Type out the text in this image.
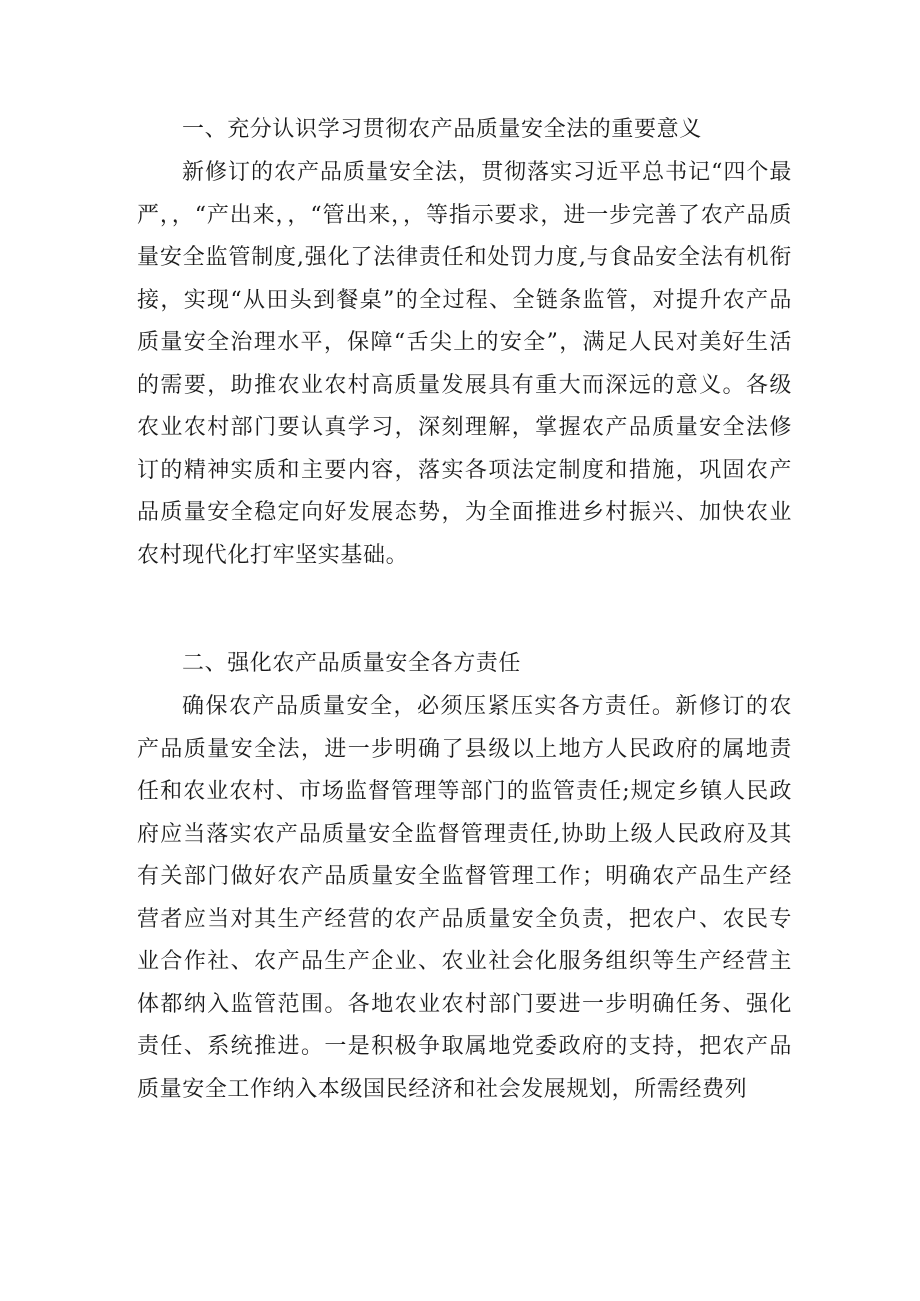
一、充分认识学习贯彻农产品质量安全法的重要意义

新修订的农产品质量安全法，贯彻落实习近平总书记“四个最严，，“产出来，，“管出来，，等指示要求，进一步完善了农产品质量安全监管制度,强化了法律责任和处罚力度,与食品安全法有机衔接，实现“从田头到餐桌”的全过程、全链条监管，对提升农产品质量安全治理水平，保障“舌尖上的安全”，满足人民对美好生活的需要，助推农业农村高质量发展具有重大而深远的意义。各级农业农村部门要认真学习，深刻理解，掌握农产品质量安全法修订的精神实质和主要内容，落实各项法定制度和措施，巩固农产品质量安全稳定向好发展态势，为全面推进乡村振兴、加快农业农村现代化打牢坚实基础。

二、强化农产品质量安全各方责任

确保农产品质量安全，必须压紧压实各方责任。新修订的农产品质量安全法，进一步明确了县级以上地方人民政府的属地责任和农业农村、市场监督管理等部门的监管责任;规定乡镇人民政府应当落实农产品质量安全监督管理责任,协助上级人民政府及其有关部门做好农产品质量安全监督管理工作；明确农产品生产经营者应当对其生产经营的农产品质量安全负责，把农户、农民专业合作社、农产品生产企业、农业社会化服务组织等生产经营主体都纳入监管范围。各地农业农村部门要进一步明确任务、强化责任、系统推进。一是积极争取属地党委政府的支持，把农产品质量安全工作纳入本级国民经济和社会发展规划，所需经费列
